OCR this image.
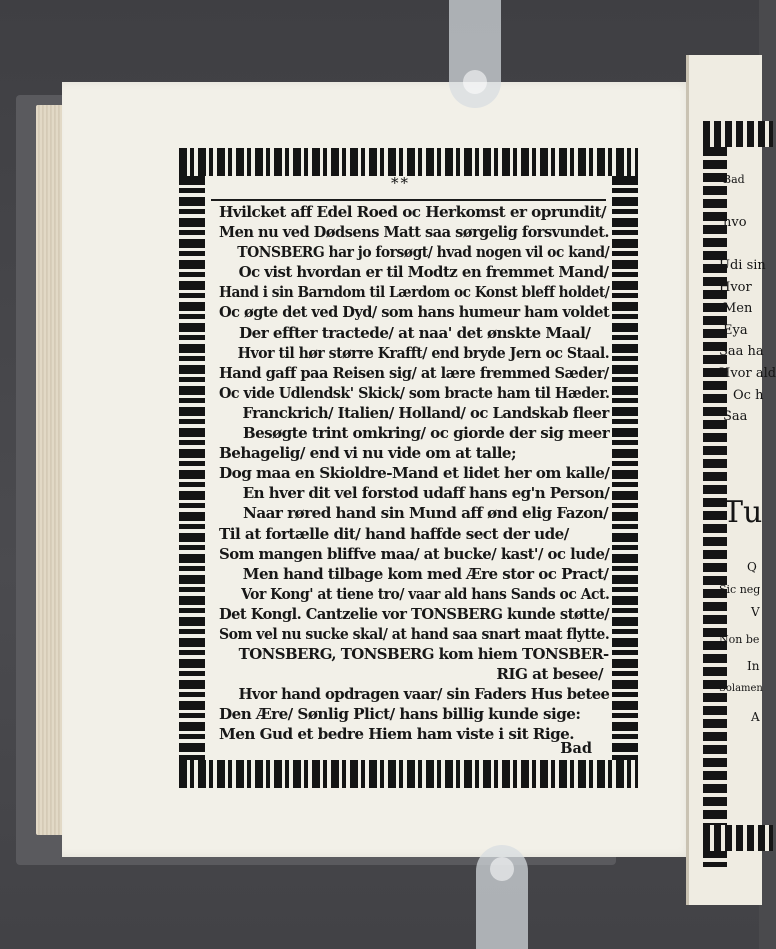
Bad
hvo
Udi sin
Hvor
Men
Eya
Saa ha
Hvor ald
Oc h
Saa
Tu
Q
Sic neg
V
Non be
In
Solamen
A
**
Hvilcket aff Edel Roed oc Herkomst er oprundit/
Men nu ved Dødsens Matt saa sørgelig forsvundet.
TONSBERG har jo forsøgt/ hvad nogen vil oc kand/
Oc vist hvordan er til Modtz en fremmet Mand/
Hand i sin Barndom til Lærdom oc Konst bleff holdet/
Oc øgte det ved Dyd/ som hans humeur ham voldet
Der effter tractede/ at naa' det ønskte Maal/
Hvor til hør større Krafft/ end bryde Jern oc Staal.
Hand gaff paa Reisen sig/ at lære fremmed Sæder/
Oc vide Udlendsk' Skick/ som bracte ham til Hæder.
Franckrich/ Italien/ Holland/ oc Landskab fleer
Besøgte trint omkring/ oc giorde der sig meer
Behagelig/ end vi nu vide om at talle;
Dog maa en Skioldre-Mand et lidet her om kalle/
En hver dit vel forstod udaff hans eg'n Person/
Naar røred hand sin Mund aff ønd elig Fazon/
Til at fortælle dit/ hand haffde sect der ude/
Som mangen bliffve maa/ at bucke/ kast'/ oc lude/
Men hand tilbage kom med Ære stor oc Pract/
Vor Kong' at tiene tro/ vaar ald hans Sands oc Act.
Det Kongl. Cantzelie vor TONSBERG kunde støtte/
Som vel nu sucke skal/ at hand saa snart maat flytte.
TONSBERG, TONSBERG kom hiem TONSBER-
RIG at besee/
Hvor hand opdragen vaar/ sin Faders Hus betee
Den Ære/ Sønlig Plict/ hans billig kunde sige:
Men Gud et bedre Hiem ham viste i sit Rige.
Bad
